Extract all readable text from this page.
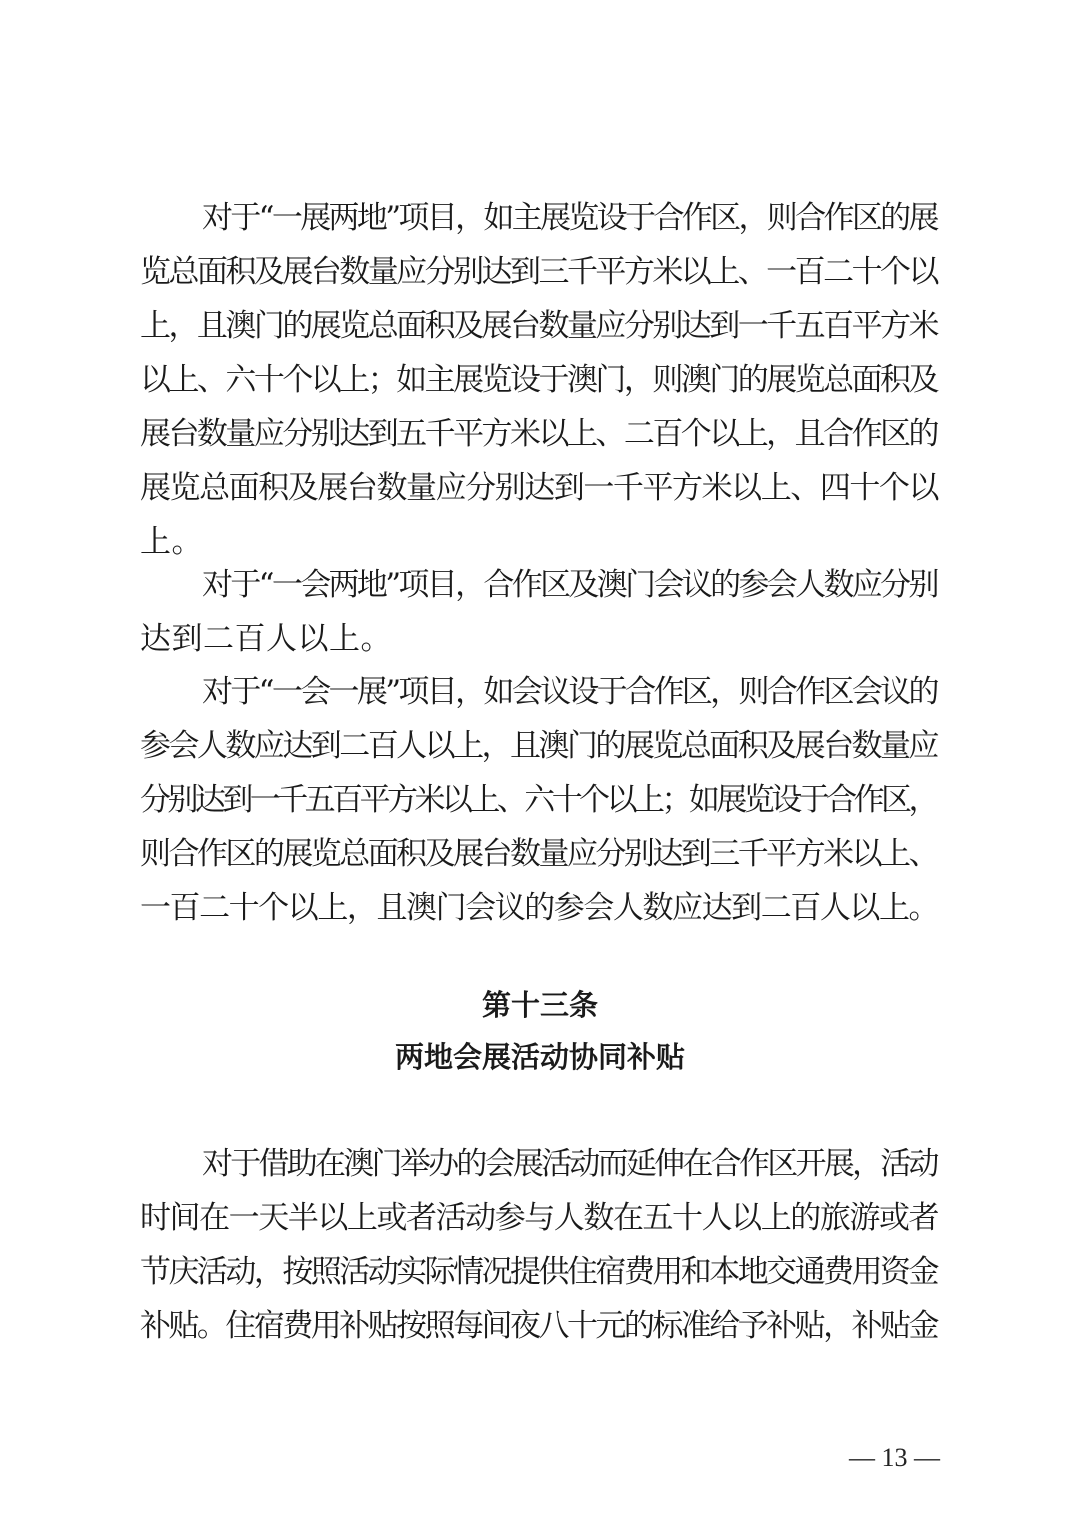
对于“一展两地”项目，如主展览设于合作区，则合作区的展
览总面积及展台数量应分别达到三千平方米以上、一百二十个以
上，且澳门的展览总面积及展台数量应分别达到一千五百平方米
以上、六十个以上；如主展览设于澳门，则澳门的展览总面积及
展台数量应分别达到五千平方米以上、二百个以上，且合作区的
展览总面积及展台数量应分别达到一千平方米以上、四十个以
上。
对于“一会两地”项目，合作区及澳门会议的参会人数应分别
达到二百人以上。
对于“一会一展”项目，如会议设于合作区，则合作区会议的
参会人数应达到二百人以上，且澳门的展览总面积及展台数量应
分别达到一千五百平方米以上、六十个以上；如展览设于合作区，
则合作区的展览总面积及展台数量应分别达到三千平方米以上、
一百二十个以上，且澳门会议的参会人数应达到二百人以上。
第十三条
两地会展活动协同补贴
对于借助在澳门举办的会展活动而延伸在合作区开展，活动
时间在一天半以上或者活动参与人数在五十人以上的旅游或者
节庆活动，按照活动实际情况提供住宿费用和本地交通费用资金
补贴。住宿费用补贴按照每间夜八十元的标准给予补贴，补贴金
— 13 —
